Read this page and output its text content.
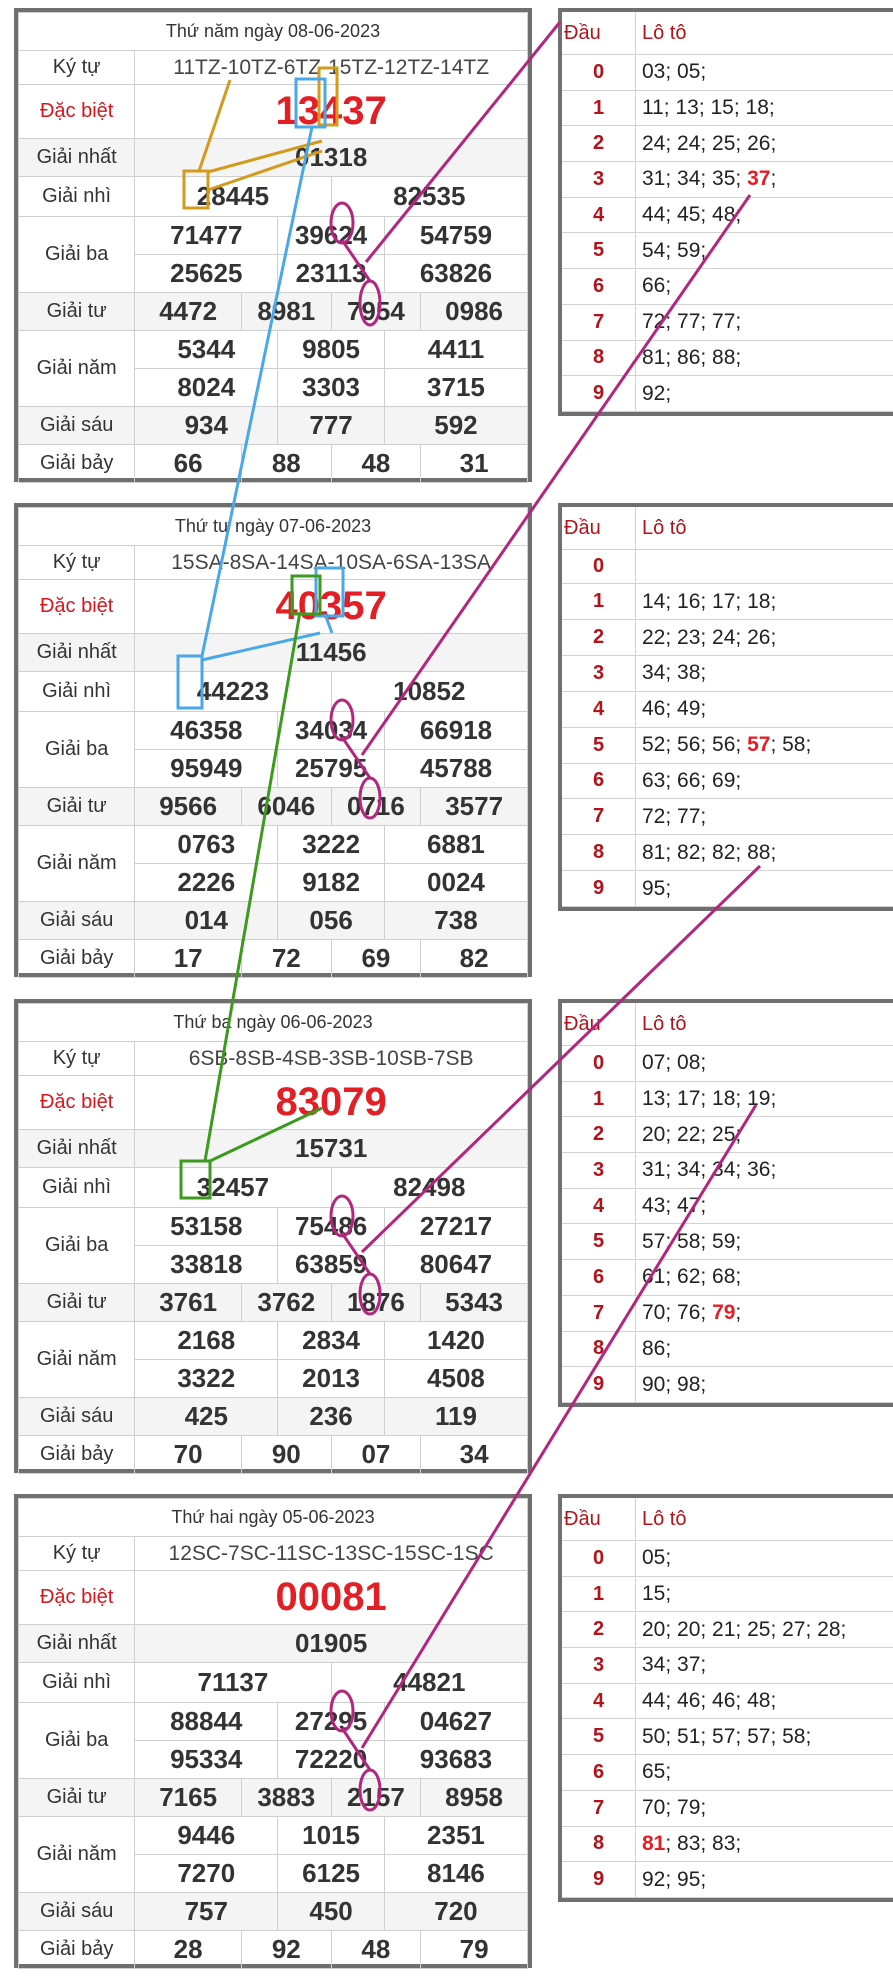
Thứ năm ngày 08-06-2023						
Ký tự	11TZ-10TZ-6TZ-15TZ-12TZ-14TZ					
Đặc biệt	13437					
Giải nhất	01318					
Giải nhì	28445			82535		
Giải ba	71477		39624		54759	
	25625		23113		63826	
Giải tư	4472	8981		7954		0986
Giải năm	5344		9805		4411	
	8024		3303		3715	
Giải sáu	934		777		592	
Giải bảy	66	88		48		31
Đầu	Lô tô
0	03; 05;
1	11; 13; 15; 18;
2	24; 24; 25; 26;
3	31; 34; 35; 37;
4	44; 45; 48;
5	54; 59;
6	66;
7	72; 77; 77;
8	81; 86; 88;
9	92;
Thứ tư ngày 07-06-2023						
Ký tự	15SA-8SA-14SA-10SA-6SA-13SA					
Đặc biệt	40357					
Giải nhất	11456					
Giải nhì	44223			10852		
Giải ba	46358		34034		66918	
	95949		25795		45788	
Giải tư	9566	6046		0716		3577
Giải năm	0763		3222		6881	
	2226		9182		0024	
Giải sáu	014		056		738	
Giải bảy	17	72		69		82
Đầu	Lô tô
0	
1	14; 16; 17; 18;
2	22; 23; 24; 26;
3	34; 38;
4	46; 49;
5	52; 56; 56; 57; 58;
6	63; 66; 69;
7	72; 77;
8	81; 82; 82; 88;
9	95;
Thứ ba ngày 06-06-2023						
Ký tự	6SB-8SB-4SB-3SB-10SB-7SB					
Đặc biệt	83079					
Giải nhất	15731					
Giải nhì	32457			82498		
Giải ba	53158		75486		27217	
	33818		63859		80647	
Giải tư	3761	3762		1876		5343
Giải năm	2168		2834		1420	
	3322		2013		4508	
Giải sáu	425		236		119	
Giải bảy	70	90		07		34
Đầu	Lô tô
0	07; 08;
1	13; 17; 18; 19;
2	20; 22; 25;
3	31; 34; 34; 36;
4	43; 47;
5	57; 58; 59;
6	61; 62; 68;
7	70; 76; 79;
8	86;
9	90; 98;
Thứ hai ngày 05-06-2023						
Ký tự	12SC-7SC-11SC-13SC-15SC-1SC					
Đặc biệt	00081					
Giải nhất	01905					
Giải nhì	71137			44821		
Giải ba	88844		27295		04627	
	95334		72220		93683	
Giải tư	7165	3883		2157		8958
Giải năm	9446		1015		2351	
	7270		6125		8146	
Giải sáu	757		450		720	
Giải bảy	28	92		48		79
Đầu	Lô tô
0	05;
1	15;
2	20; 20; 21; 25; 27; 28;
3	34; 37;
4	44; 46; 46; 48;
5	50; 51; 57; 57; 58;
6	65;
7	70; 79;
8	81; 83; 83;
9	92; 95;
